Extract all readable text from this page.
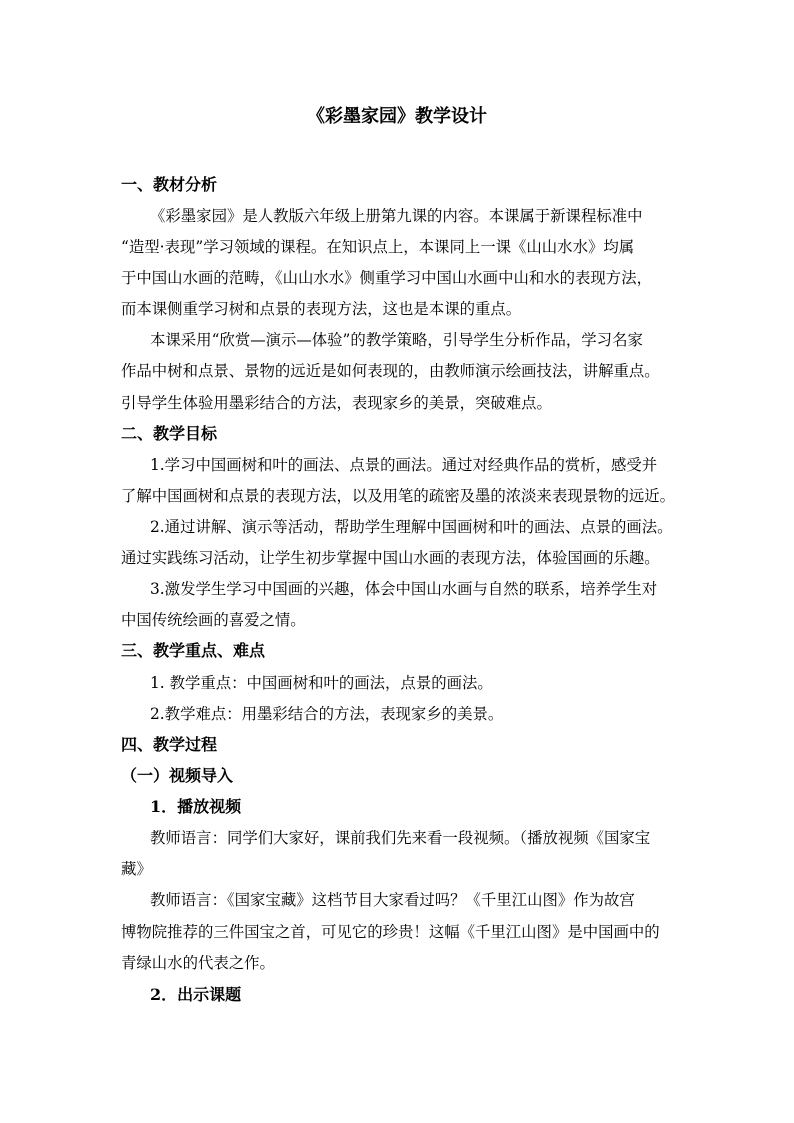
《彩墨家园》教学设计
一、教材分析
《彩墨家园》是人教版六年级上册第九课的内容。本课属于新课程标准中
“造型·表现”学习领域的课程。在知识点上，本课同上一课《山山水水》均属
于中国山水画的范畴，《山山水水》侧重学习中国山水画中山和水的表现方法，
而本课侧重学习树和点景的表现方法，这也是本课的重点。
本课采用“欣赏—演示—体验”的教学策略，引导学生分析作品，学习名家
作品中树和点景、景物的远近是如何表现的，由教师演示绘画技法，讲解重点。
引导学生体验用墨彩结合的方法，表现家乡的美景，突破难点。
二、教学目标
1.学习中国画树和叶的画法、点景的画法。通过对经典作品的赏析，感受并
了解中国画树和点景的表现方法，以及用笔的疏密及墨的浓淡来表现景物的远近。
2.通过讲解、演示等活动，帮助学生理解中国画树和叶的画法、点景的画法。
通过实践练习活动，让学生初步掌握中国山水画的表现方法，体验国画的乐趣。
3.激发学生学习中国画的兴趣，体会中国山水画与自然的联系，培养学生对
中国传统绘画的喜爱之情。
三、教学重点、难点
1. 教学重点：中国画树和叶的画法，点景的画法。
2.教学难点：用墨彩结合的方法，表现家乡的美景。
四、教学过程
（一）视频导入
1．播放视频
教师语言：同学们大家好，课前我们先来看一段视频。（播放视频《国家宝
藏》
教师语言：《国家宝藏》这档节目大家看过吗？《千里江山图》作为故宫
博物院推荐的三件国宝之首，可见它的珍贵！这幅《千里江山图》是中国画中的
青绿山水的代表之作。
2．出示课题
